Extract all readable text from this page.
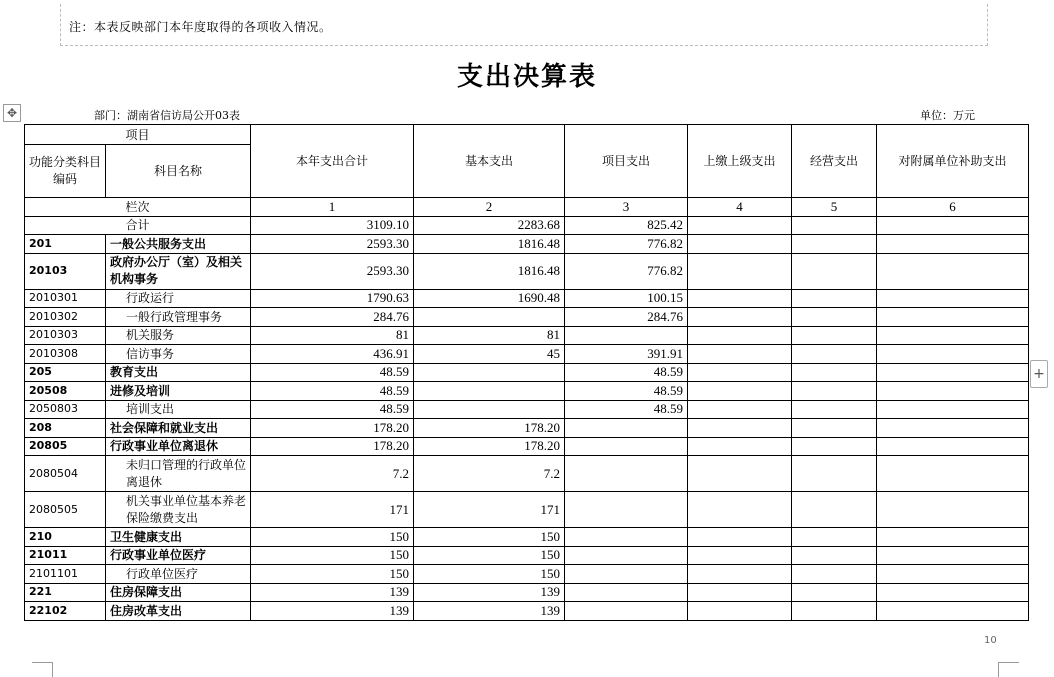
注：本表反映部门本年度取得的各项收入情况。
支出决算表
✥
+
部门：湖南省信访局公开03表	单位：万元
项目		本年支出合计	基本支出	项目支出	上缴上级支出	经营支出	对附属单位补助支出
功能分类科目编码	科目名称						
栏次		1	2	3	4	5	6
合计		3109.10	2283.68	825.42			
201	一般公共服务支出	2593.30	1816.48	776.82			
20103	政府办公厅（室）及相关机构事务	2593.30	1816.48	776.82			
2010301	行政运行	1790.63	1690.48	100.15			
2010302	一般行政管理事务	284.76		284.76			
2010303	机关服务	81	81				
2010308	信访事务	436.91	45	391.91			
205	教育支出	48.59		48.59			
20508	进修及培训	48.59		48.59			
2050803	培训支出	48.59		48.59			
208	社会保障和就业支出	178.20	178.20				
20805	行政事业单位离退休	178.20	178.20				
2080504	未归口管理的行政单位离退休	7.2	7.2				
2080505	机关事业单位基本养老保险缴费支出	171	171				
210	卫生健康支出	150	150				
21011	行政事业单位医疗	150	150				
2101101	行政单位医疗	150	150				
221	住房保障支出	139	139				
22102	住房改革支出	139	139				
10
